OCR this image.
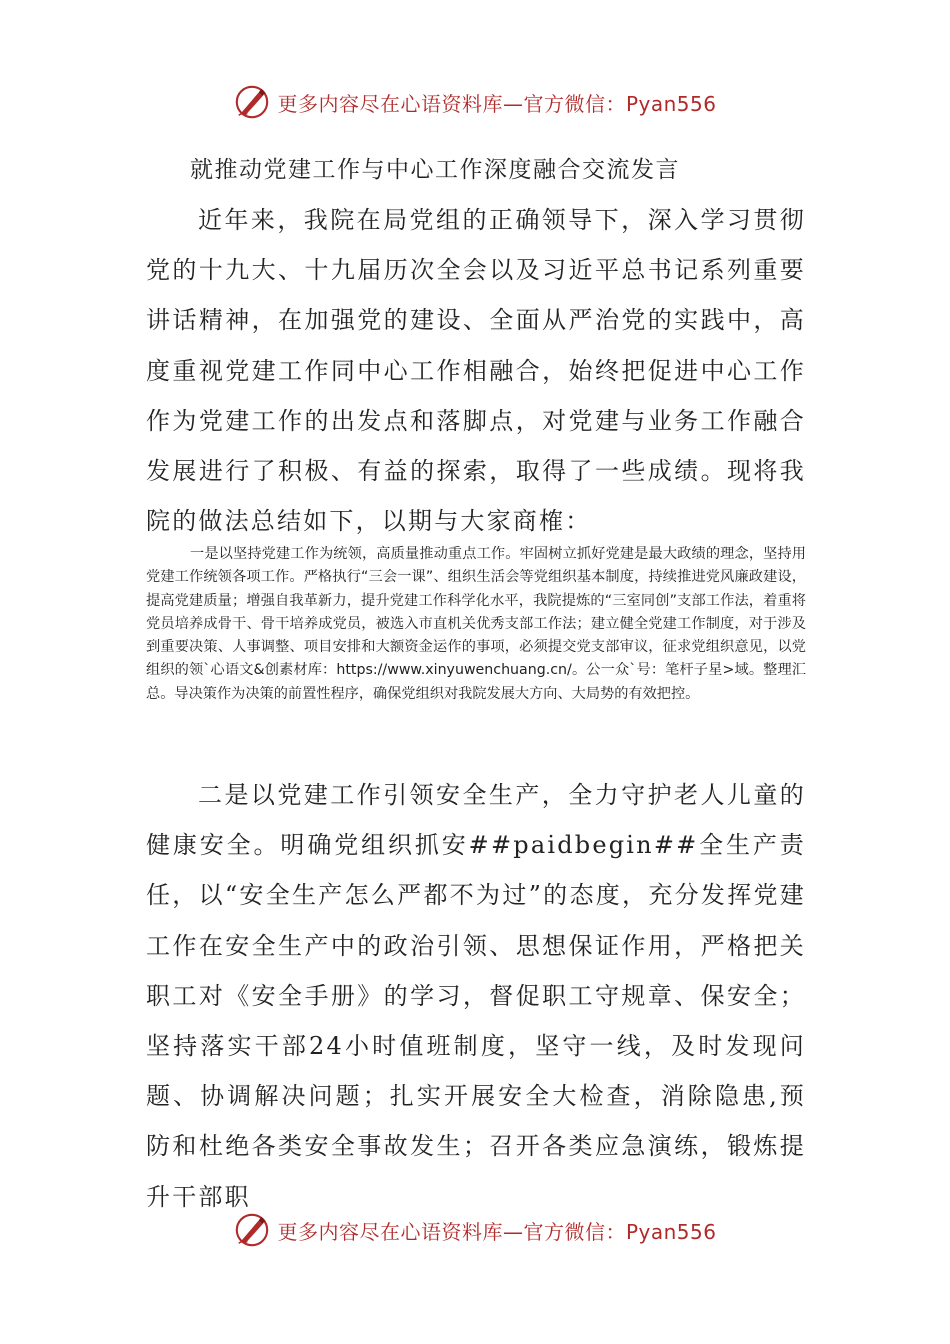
更多内容尽在心语资料库—官方微信：Pyan556
就推动党建工作与中心工作深度融合交流发言

近年来，我院在局党组的正确领导下，深入学习贯彻党的十九大、十九届历次全会以及习近平总书记系列重要讲话精神，在加强党的建设、全面从严治党的实践中，高度重视党建工作同中心工作相融合，始终把促进中心工作作为党建工作的出发点和落脚点，对党建与业务工作融合发展进行了积极、有益的探索，取得了一些成绩。现将我院的做法总结如下，以期与大家商榷：

一是以坚持党建工作为统领，高质量推动重点工作。牢固树立抓好党建是最大政绩的理念，坚持用党建工作统领各项工作。严格执行“三会一课”、组织生活会等党组织基本制度，持续推进党风廉政建设，提高党建质量；增强自我革新力，提升党建工作科学化水平，我院提炼的“三室同创”支部工作法，着重将党员培养成骨干、骨干培养成党员，被选入市直机关优秀支部工作法；建立健全党建工作制度，对于涉及到重要决策、人事调整、项目安排和大额资金运作的事项，必须提交党支部审议，征求党组织意见，以党组织的领`心语文&创素材库：https://www.xinyuwenchuang.cn/。公一众`号：笔杆子星>域。整理汇总。导决策作为决策的前置性程序，确保党组织对我院发展大方向、大局势的有效把控。

二是以党建工作引领安全生产，全力守护老人儿童的健康安全。明确党组织抓安##paidbegin##全生产责任，以“安全生产怎么严都不为过”的态度，充分发挥党建工作在安全生产中的政治引领、思想保证作用，严格把关职工对《安全手册》的学习，督促职工守规章、保安全；坚持落实干部24小时值班制度，坚守一线，及时发现问题、协调解决问题；扎实开展安全大检查，消除隐患,预防和杜绝各类安全事故发生；召开各类应急演练，锻炼提升干部职

更多内容尽在心语资料库—官方微信：Pyan556
